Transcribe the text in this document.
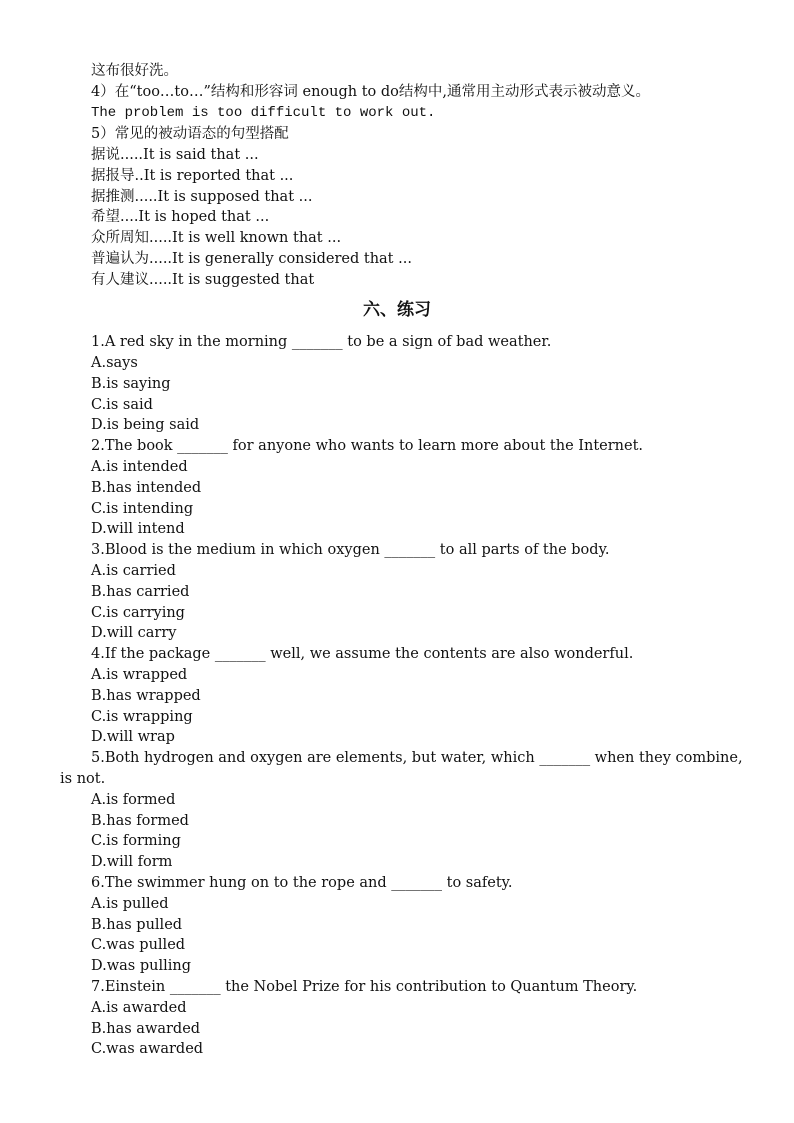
这布很好洗。
4）在“too…to…”结构和形容词 enough to do结构中,通常用主动形式表示被动意义。
The problem is too difficult to work out.
5）常见的被动语态的句型搭配
据说.....It is said that ...
据报导..It is reported that ...
据推测.....It is supposed that ...
希望....It is hoped that ...
众所周知.....It is well known that ...
普遍认为.....It is generally considered that ...
有人建议.....It is suggested that
六、练习
1.A red sky in the morning _______ to be a sign of bad weather.
A.says
B.is saying
C.is said
D.is being said
2.The book _______ for anyone who wants to learn more about the Internet.
A.is intended
B.has intended
C.is intending
D.will intend
3.Blood is the medium in which oxygen _______ to all parts of the body.
A.is carried
B.has carried
C.is carrying
D.will carry
4.If the package _______ well, we assume the contents are also wonderful.
A.is wrapped
B.has wrapped
C.is wrapping
D.will wrap
5.Both hydrogen and oxygen are elements, but water, which _______ when they combine,
is not.
A.is formed
B.has formed
C.is forming
D.will form
6.The swimmer hung on to the rope and _______ to safety.
A.is pulled
B.has pulled
C.was pulled
D.was pulling
7.Einstein _______ the Nobel Prize for his contribution to Quantum Theory.
A.is awarded
B.has awarded
C.was awarded
